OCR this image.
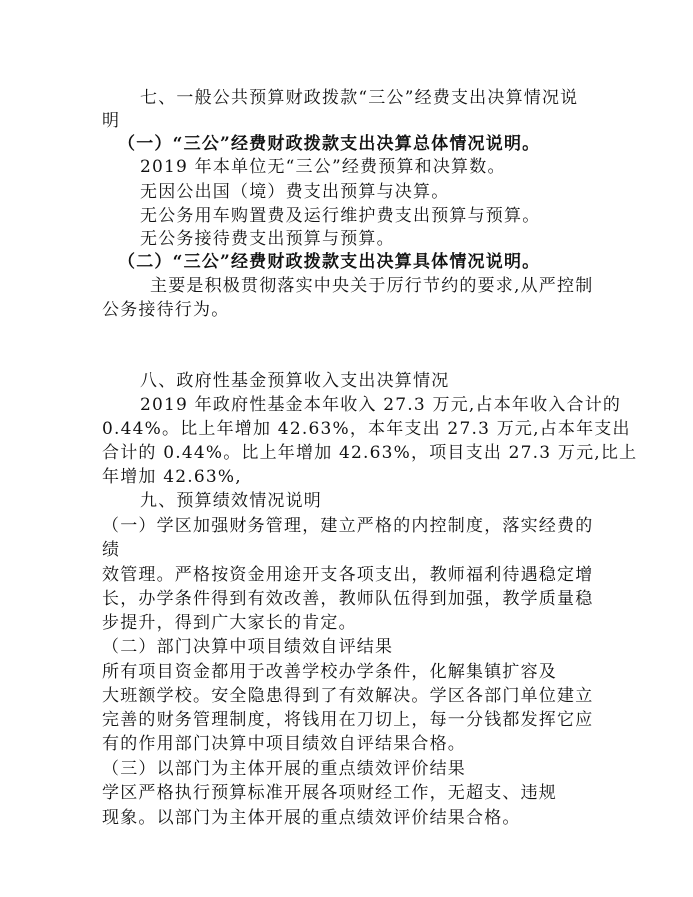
七、一般公共预算财政拨款“三公”经费支出决算情况说
明
（一）“三公”经费财政拨款支出决算总体情况说明。
2019 年本单位无“三公”经费预算和决算数。
无因公出国（境）费支出预算与决算。
无公务用车购置费及运行维护费支出预算与预算。
无公务接待费支出预算与预算。
（二）“三公”经费财政拨款支出决算具体情况说明。
主要是积极贯彻落实中央关于厉行节约的要求,从严控制
公务接待行为。
八、政府性基金预算收入支出决算情况
2019 年政府性基金本年收入 27.3 万元,占本年收入合计的
0.44%。比上年增加 42.63%，本年支出 27.3 万元,占本年支出
合计的 0.44%。比上年增加 42.63%，项目支出 27.3 万元,比上
年增加 42.63%,
九、预算绩效情况说明
（一）学区加强财务管理，建立严格的内控制度，落实经费的
绩
效管理。严格按资金用途开支各项支出，教师福利待遇稳定增
长，办学条件得到有效改善，教师队伍得到加强，教学质量稳
步提升，得到广大家长的肯定。
（二）部门决算中项目绩效自评结果
所有项目资金都用于改善学校办学条件，化解集镇扩容及
大班额学校。安全隐患得到了有效解决。学区各部门单位建立
完善的财务管理制度，将钱用在刀切上，每一分钱都发挥它应
有的作用部门决算中项目绩效自评结果合格。
（三）以部门为主体开展的重点绩效评价结果
学区严格执行预算标准开展各项财经工作，无超支、违规
现象。以部门为主体开展的重点绩效评价结果合格。
